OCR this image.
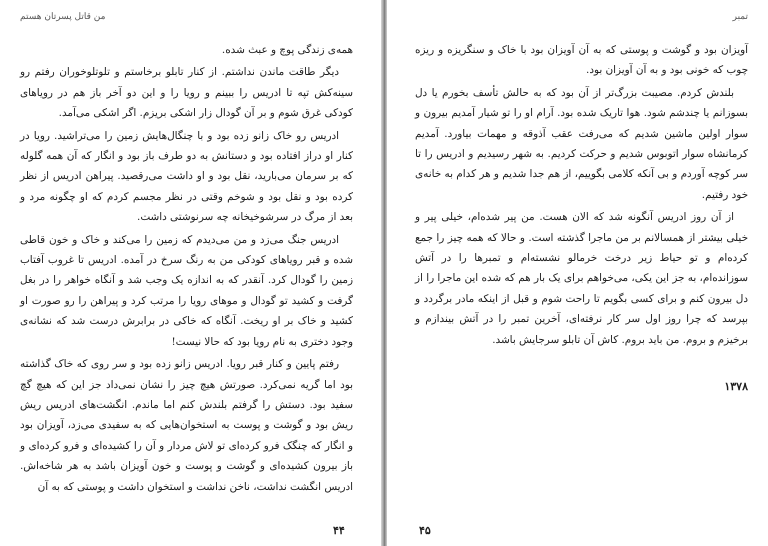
من قاتل پسرتان هستم

همه‌ی زندگی پوچ و عبث شده.

دیگر طاقت ماندن نداشتم. از کنار تابلو برخاستم و تلوتلوخوران رفتم رو سینه‌کش تپه تا ادریس را ببینم و رویا را و این دو آخر باز هم در رویاهای کودکی غرق شوم و بر آن گودال زار اشکی بریزم. اگر اشکی می‌آمد.

ادریس رو خاک زانو زده بود و با چنگال‌هایش زمین را می‌تراشید. رویا در کنار او دراز افتاده بود و دستانش به دو طرف باز بود و انگار که آن همه گلوله که بر سرمان می‌بارید، نقل بود و او داشت می‌رقصید. پیراهن ادریس از نظر کرده بود و نقل بود و شوخم وقتی در نظر مجسم کردم که او چگونه مرد و بعد از مرگ در سرشوخیخانه چه سرنوشتی داشت.

ادریس جنگ می‌زد و من می‌دیدم که زمین را می‌کند و خاک و خون قاطی شده و قبر رویاهای کودکی من به رنگ سرخ در آمده. ادریس تا غروب آفتاب زمین را گودال کرد. آنقدر که به اندازه یک وجب شد و آنگاه خواهر را در بغل گرفت و کشید تو گودال و موهای رویا را مرتب کرد و پیراهن را رو صورت او کشید و خاک بر او ریخت. آنگاه که خاکی در برابرش درست شد که نشانه‌ی وجود دختری به نام رویا بود که حالا نیست!

رفتم پایین و کنار قبر رویا. ادریس زانو زده بود و سر روی که خاک گذاشته بود اما گریه نمی‌کرد. صورتش هیچ چیز را نشان نمی‌داد جز این که هیچ گچ سفید بود. دستش را گرفتم بلندش کنم اما ماندم. انگشت‌های ادریس ریش ریش بود و گوشت و پوست به استخوان‌هایی که به سفیدی می‌زد، آویزان بود و انگار که چنگک فرو کرده‌ای تو لاش مردار و آن را کشیده‌ای و فرو کرده‌ای و باز بیرون کشیده‌ای و گوشت و پوست و خون آویزان باشد به هر شاخه‌اش. ادریس انگشت نداشت، ناخن نداشت و استخوان داشت و پوستی که به آن

۴۴
تمبر

آویزان بود و گوشت و پوستی که به آن آویزان بود با خاک و سنگریزه و ریزه چوب که خونی بود و به آن آویزان بود.

بلندش کردم. مصیبت بزرگ‌تر از آن بود که به حالش تأسف بخورم یا دل بسوزانم یا چندشم شود. هوا تاریک شده بود. آرام او را تو شیار آمدیم بیرون و سوار اولین ماشین شدیم که می‌رفت عقب آذوقه و مهمات بیاورد. آمدیم کرمانشاه سوار اتوبوس شدیم و حرکت کردیم. به شهر رسیدیم و ادریس را تا سر کوچه آوردم و بی آنکه کلامی بگوییم، از هم جدا شدیم و هر کدام به خانه‌ی خود رفتیم.

از آن روز ادریس آنگونه شد که الان هست. من پیر شده‌ام، خیلی پیر و خیلی بیشتر از همسالانم بر من ماجرا گذشته است. و حالا که همه چیز را جمع کرده‌ام و تو حیاط زیر درخت خرمالو نشسته‌ام و تمبرها را در آتش سوزانده‌ام، به جز این یکی، می‌خواهم برای یک بار هم که شده این ماجرا را از دل بیرون کنم و برای کسی بگویم تا راحت شوم و قبل از اینکه مادر برگردد و بپرسد که چرا روز اول سر کار نرفته‌ای، آخرین تمبر را در آتش بیندازم و برخیزم و بروم. من باید بروم. کاش آن تابلو سرجایش باشد.

۱۳۷۸
۴۵
